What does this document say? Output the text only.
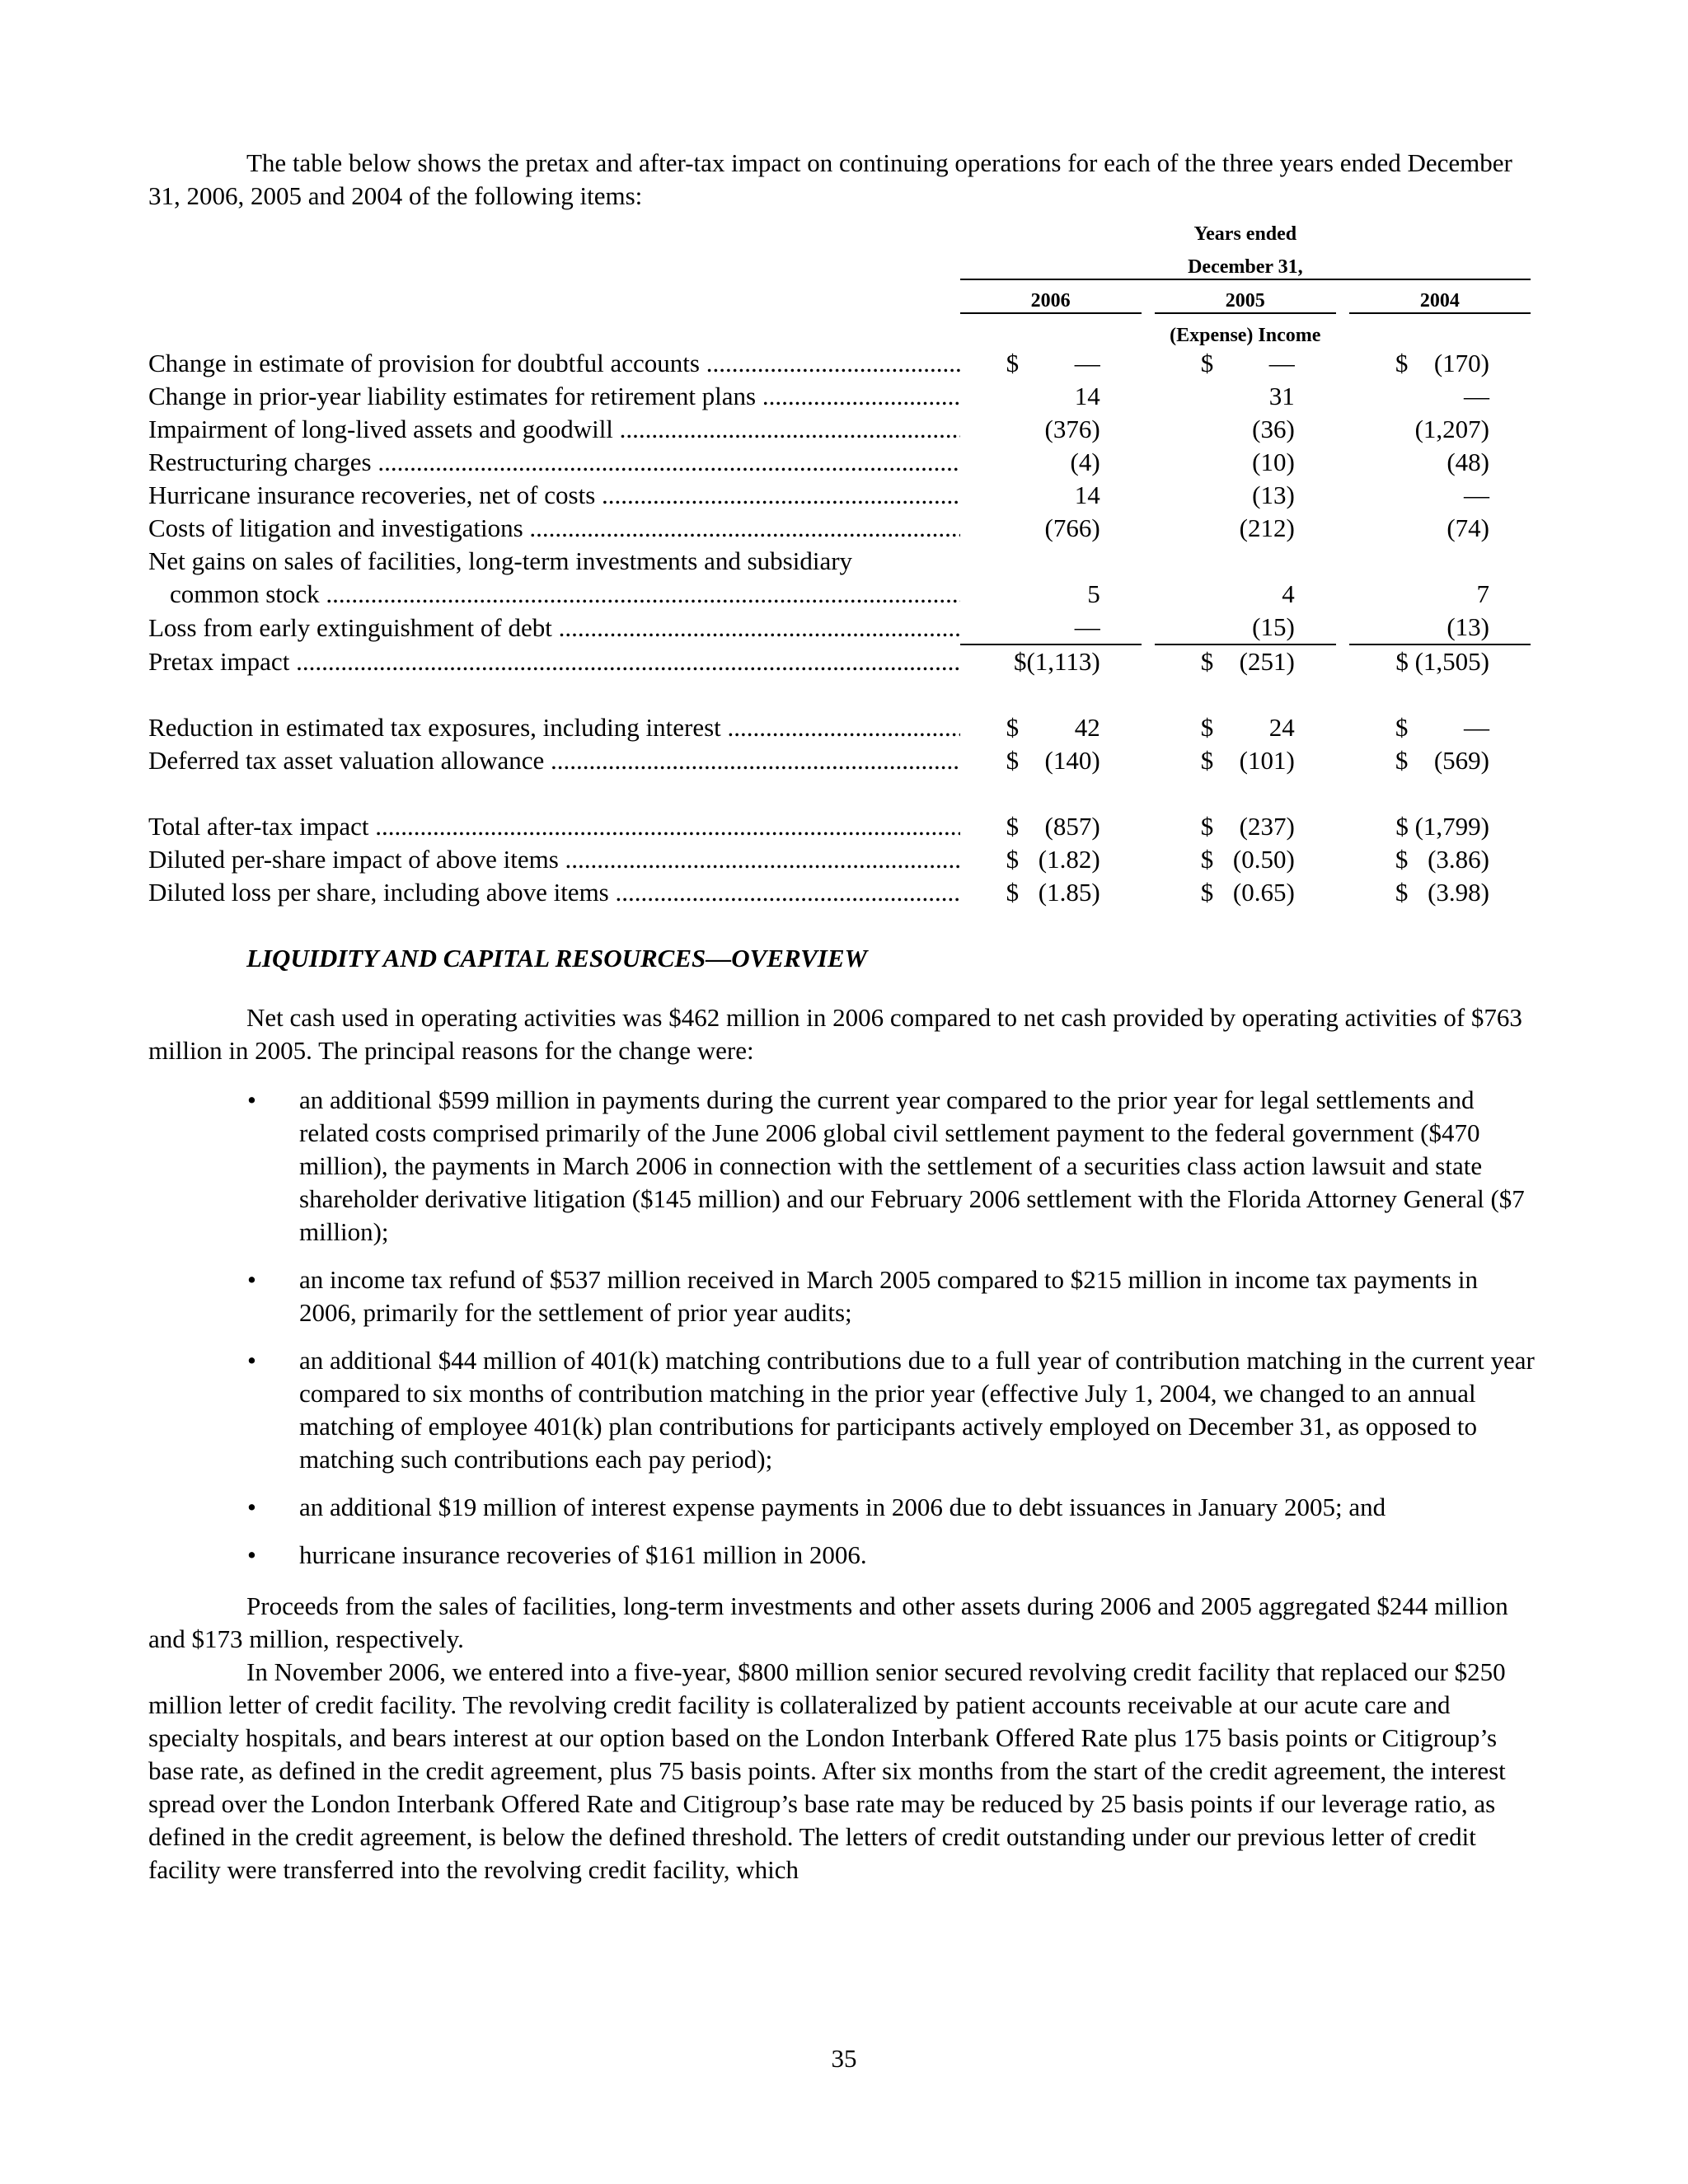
The table below shows the pretax and after-tax impact on continuing operations for each of the three years ended December 31, 2006, 2005 and 2004 of the following items:

	Years ended				
	December 31,				
	2006		2005		2004
			(Expense) Income		
Change in estimate of provision for doubtful accounts .....	$ —		$ —		$ (170)

Change in prior-year liability estimates for retirement plans .....	14		31		—

Impairment of long-lived assets and goodwill .....	(376)		(36)		(1,207)

Restructuring charges .....	(4)		(10)		(48)

Hurricane insurance recoveries, net of costs .....	14		(13)		—

Costs of litigation and investigations .....	(766)		(212)		(74)

Net gains on sales of facilities, long-term investments and subsidiary					
common stock .....	5		4		7

Loss from early extinguishment of debt .....	—		(15)		(13)

Pretax impact .....	$(1,113)		$ (251)		$ (1,505)

Reduction in estimated tax exposures, including interest .....	$ 42		$ 24		$ —

Deferred tax asset valuation allowance .....	$ (140)		$ (101)		$ (569)

Total after-tax impact .....	$ (857)		$ (237)		$ (1,799)

Diluted per-share impact of above items .....	$ (1.82)		$ (0.50)		$ (3.86)

Diluted loss per share, including above items .....	$ (1.85)		$ (0.65)		$ (3.98)
LIQUIDITY AND CAPITAL RESOURCES—OVERVIEW

Net cash used in operating activities was $462 million in 2006 compared to net cash provided by operating activities of $763 million in 2005. The principal reasons for the change were:

• an additional $599 million in payments during the current year compared to the prior year for legal settlements and related costs comprised primarily of the June 2006 global civil settlement payment to the federal government ($470 million), the payments in March 2006 in connection with the settlement of a securities class action lawsuit and state shareholder derivative litigation ($145 million) and our February 2006 settlement with the Florida Attorney General ($7 million);
• an income tax refund of $537 million received in March 2005 compared to $215 million in income tax payments in 2006, primarily for the settlement of prior year audits;
• an additional $44 million of 401(k) matching contributions due to a full year of contribution matching in the current year compared to six months of contribution matching in the prior year (effective July 1, 2004, we changed to an annual matching of employee 401(k) plan contributions for participants actively employed on December 31, as opposed to matching such contributions each pay period);
• an additional $19 million of interest expense payments in 2006 due to debt issuances in January 2005; and
• hurricane insurance recoveries of $161 million in 2006.

Proceeds from the sales of facilities, long-term investments and other assets during 2006 and 2005 aggregated $244 million and $173 million, respectively.

In November 2006, we entered into a five-year, $800 million senior secured revolving credit facility that replaced our $250 million letter of credit facility. The revolving credit facility is collateralized by patient accounts receivable at our acute care and specialty hospitals, and bears interest at our option based on the London Interbank Offered Rate plus 175 basis points or Citigroup’s base rate, as defined in the credit agreement, plus 75 basis points. After six months from the start of the credit agreement, the interest spread over the London Interbank Offered Rate and Citigroup’s base rate may be reduced by 25 basis points if our leverage ratio, as defined in the credit agreement, is below the defined threshold. The letters of credit outstanding under our previous letter of credit facility were transferred into the revolving credit facility, which

35
